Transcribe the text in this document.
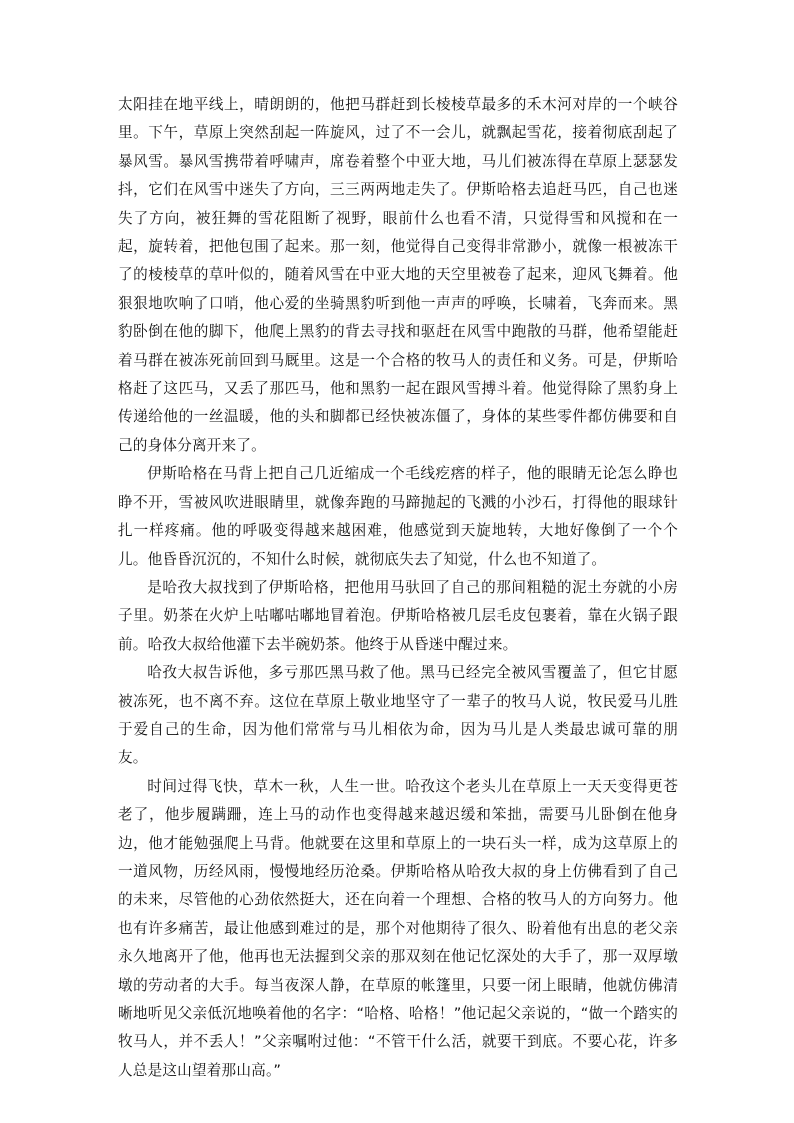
太阳挂在地平线上，晴朗朗的，他把马群赶到长棱棱草最多的禾木河对岸的一个峡谷里。下午，草原上突然刮起一阵旋风，过了不一会儿，就飘起雪花，接着彻底刮起了暴风雪。暴风雪携带着呼啸声，席卷着整个中亚大地，马儿们被冻得在草原上瑟瑟发抖，它们在风雪中迷失了方向，三三两两地走失了。伊斯哈格去追赶马匹，自己也迷失了方向，被狂舞的雪花阻断了视野，眼前什么也看不清，只觉得雪和风搅和在一起，旋转着，把他包围了起来。那一刻，他觉得自己变得非常渺小，就像一根被冻干了的棱棱草的草叶似的，随着风雪在中亚大地的天空里被卷了起来，迎风飞舞着。他狠狠地吹响了口哨，他心爱的坐骑黑豹听到他一声声的呼唤，长啸着，飞奔而来。黑豹卧倒在他的脚下，他爬上黑豹的背去寻找和驱赶在风雪中跑散的马群，他希望能赶着马群在被冻死前回到马厩里。这是一个合格的牧马人的责任和义务。可是，伊斯哈格赶了这匹马，又丢了那匹马，他和黑豹一起在跟风雪搏斗着。他觉得除了黑豹身上传递给他的一丝温暖，他的头和脚都已经快被冻僵了，身体的某些零件都仿佛要和自己的身体分离开来了。

伊斯哈格在马背上把自己几近缩成一个毛线疙瘩的样子，他的眼睛无论怎么睁也睁不开，雪被风吹进眼睛里，就像奔跑的马蹄抛起的飞溅的小沙石，打得他的眼球针扎一样疼痛。他的呼吸变得越来越困难，他感觉到天旋地转，大地好像倒了一个个儿。他昏昏沉沉的，不知什么时候，就彻底失去了知觉，什么也不知道了。

是哈孜大叔找到了伊斯哈格，把他用马驮回了自己的那间粗糙的泥土夯就的小房子里。奶茶在火炉上咕嘟咕嘟地冒着泡。伊斯哈格被几层毛皮包裹着，靠在火锅子跟前。哈孜大叔给他灌下去半碗奶茶。他终于从昏迷中醒过来。

哈孜大叔告诉他，多亏那匹黑马救了他。黑马已经完全被风雪覆盖了，但它甘愿被冻死，也不离不弃。这位在草原上敬业地坚守了一辈子的牧马人说，牧民爱马儿胜于爱自己的生命，因为他们常常与马儿相依为命，因为马儿是人类最忠诚可靠的朋友。

时间过得飞快，草木一秋，人生一世。哈孜这个老头儿在草原上一天天变得更苍老了，他步履蹒跚，连上马的动作也变得越来越迟缓和笨拙，需要马儿卧倒在他身边，他才能勉强爬上马背。他就要在这里和草原上的一块石头一样，成为这草原上的一道风物，历经风雨，慢慢地经历沧桑。伊斯哈格从哈孜大叔的身上仿佛看到了自己的未来，尽管他的心劲依然挺大，还在向着一个理想、合格的牧马人的方向努力。他也有许多痛苦，最让他感到难过的是，那个对他期待了很久、盼着他有出息的老父亲永久地离开了他，他再也无法握到父亲的那双刻在他记忆深处的大手了，那一双厚墩墩的劳动者的大手。每当夜深人静，在草原的帐篷里，只要一闭上眼睛，他就仿佛清晰地听见父亲低沉地唤着他的名字：“哈格、哈格！”他记起父亲说的，“做一个踏实的牧马人，并不丢人！”父亲嘱咐过他：“不管干什么活，就要干到底。不要心花，许多人总是这山望着那山高。”
